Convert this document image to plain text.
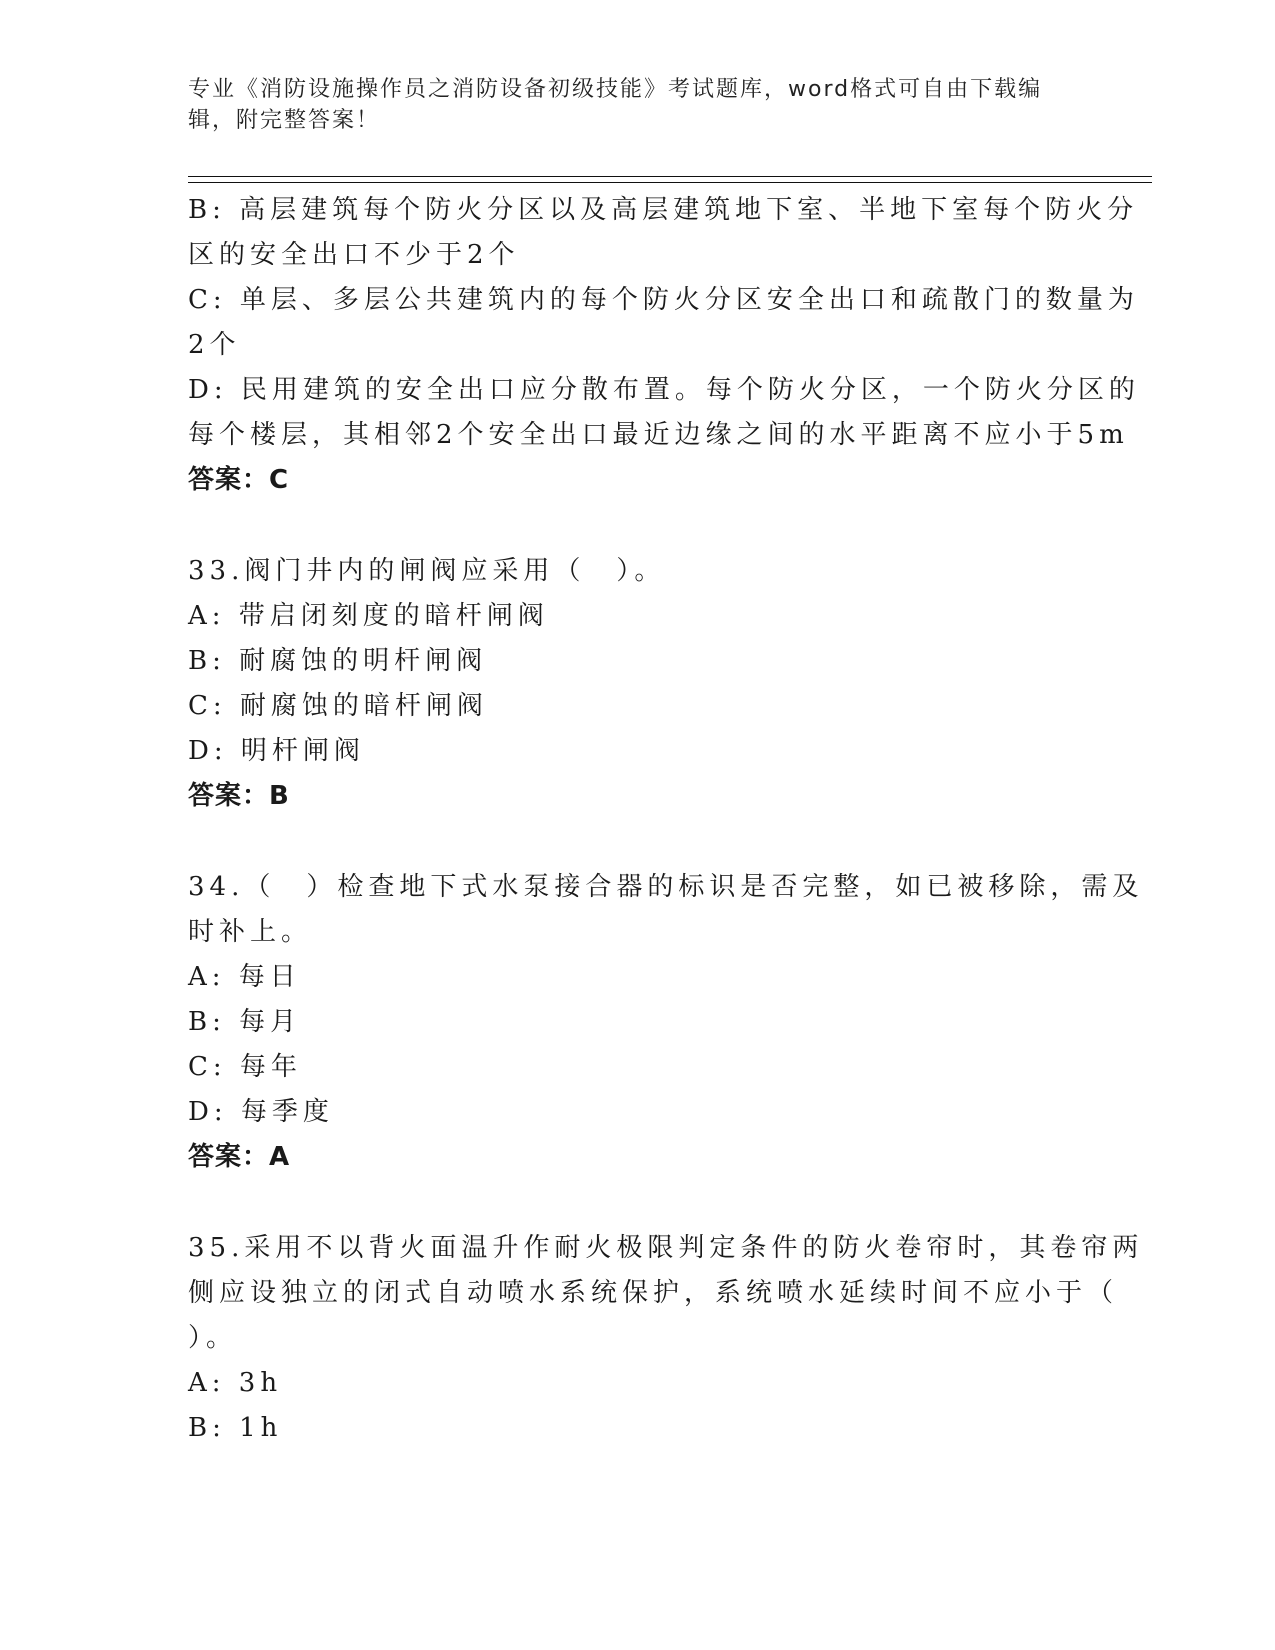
专业《消防设施操作员之消防设备初级技能》考试题库，word格式可自由下载编
辑，附完整答案！
B: 高层建筑每个防火分区以及高层建筑地下室、半地下室每个防火分
区的安全出口不少于2个
C: 单层、多层公共建筑内的每个防火分区安全出口和疏散门的数量为
2个
D: 民用建筑的安全出口应分散布置。每个防火分区，一个防火分区的
每个楼层，其相邻2个安全出口最近边缘之间的水平距离不应小于5m
答案：C
33.阀门井内的闸阀应采用（　）。
A: 带启闭刻度的暗杆闸阀
B: 耐腐蚀的明杆闸阀
C: 耐腐蚀的暗杆闸阀
D: 明杆闸阀
答案：B
34.（　）检查地下式水泵接合器的标识是否完整，如已被移除，需及
时补上。
A: 每日
B: 每月
C: 每年
D: 每季度
答案：A
35.采用不以背火面温升作耐火极限判定条件的防火卷帘时，其卷帘两
侧应设独立的闭式自动喷水系统保护，系统喷水延续时间不应小于（
）。
A: 3h
B: 1h
